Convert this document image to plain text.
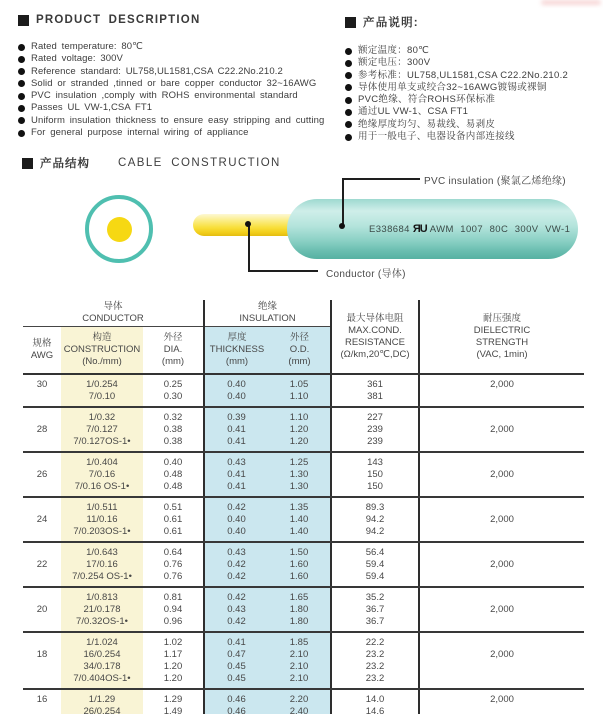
PRODUCT DESCRIPTION
Rated temperature: 80℃
Rated voltage: 300V
Reference standard: UL758,UL1581,CSA C22.2No.210.2
Solid or stranded ,tinned or bare copper conductor 32~16AWG
PVC insulation ,comply with ROHS environmental standard
Passes UL VW-1,CSA FT1
Uniform insulation thickness to ensure easy stripping and cutting
For general purpose internal wiring of appliance
产品说明:
额定温度：80℃
额定电压：300V
参考标准：UL758,UL1581,CSA C22.2No.210.2
导体使用单支或绞合32~16AWG镀锡或裸铜
PVC绝缘、符合ROHS环保标准
通过UL VW-1、CSA FT1
绝缘厚度均匀、易裁线、易剥皮
用于一般电子、电器设备内部连接线
产品结构 CABLE CONSTRUCTION
E338684 ЯU AWM 1007 80C 300V VW-1
PVC insulation (聚氯乙烯绝缘)
Conductor (导体)
导体
CONDUCTOR
规格
AWG
构造
CONSTRUCTION
(No./mm)
外径
DIA.
(mm)
绝缘
INSULATION
厚度
THICKNESS
(mm)
外径
O.D.
(mm)
最大导体电阻
MAX.COND.
RESISTANCE
(Ω/km,20℃,DC)
耐压强度
DIELECTRIC
STRENGTH
(VAC, 1min)
30
	1/0.254
7/0.10
0.25
0.30
0.40
0.40
1.05
1.10
361
381
2,000

28

1/0.32
7/0.127
7/0.127OS-1•
0.32
0.38
0.38
0.39
0.41
0.41
1.10
1.20
1.20
227
239
239

2,000

26

1/0.404
7/0.16
7/0.16 OS-1•
0.40
0.48
0.48
0.43
0.41
0.41
1.25
1.30
1.30
143
150
150

2,000

24

1/0.511
11/0.16
7/0.203OS-1•
0.51
0.61
0.61
0.42
0.40
0.40
1.35
1.40
1.40
89.3
94.2
94.2

2,000

22

1/0.643
17/0.16
7/0.254 OS-1•
0.64
0.76
0.76
0.43
0.42
0.42
1.50
1.60
1.60
56.4
59.4
59.4

2,000

20

1/0.813
21/0.178
7/0.32OS-1•
0.81
0.94
0.96
0.42
0.43
0.42
1.65
1.80
1.80
35.2
36.7
36.7

2,000

18

1/1.024
16/0.254
34/0.178
7/0.404OS-1•
1.02
1.17
1.20
1.20
0.41
0.47
0.45
0.45
1.85
2.10
2.10
2.10
22.2
23.2
23.2
23.2

2,000

16
	1/1.29
26/0.254
1.29
1.49
0.46
0.46
2.20
2.40
14.0
14.6
2,000
